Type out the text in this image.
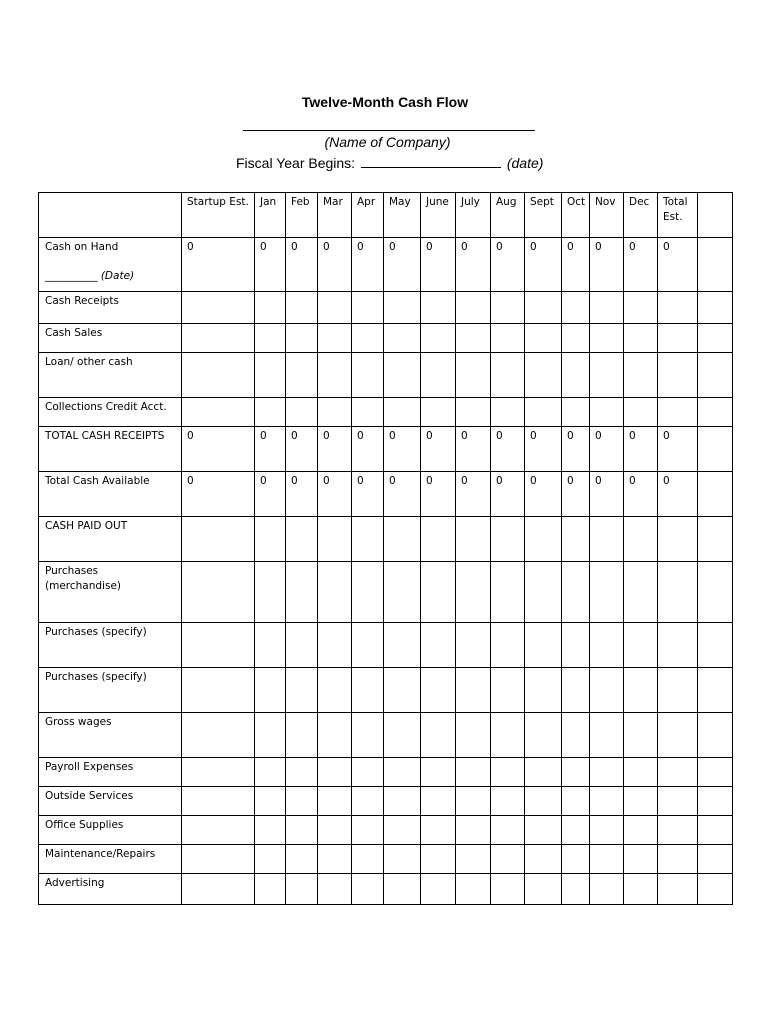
Twelve-Month Cash Flow
(Name of Company)
Fiscal Year Begins:	(date)
	Startup Est.	Jan	Feb	Mar	Apr	May	June	July	Aug	Sept	Oct	Nov	Dec	Total Est.	

Cash on Hand
__________ (Date)	0	0	0	0	0	0	0	0	0	0	0	0	0	0	

Cash Receipts															

Cash Sales															

Loan/ other cash															

Collections Credit Acct.															

TOTAL CASH RECEIPTS	0	0	0	0	0	0	0	0	0	0	0	0	0	0	

Total Cash Available	0	0	0	0	0	0	0	0	0	0	0	0	0	0	

CASH PAID OUT															

Purchases (merchandise)															

Purchases (specify)															

Purchases (specify)															

Gross wages															

Payroll Expenses															

Outside Services															

Office Supplies															

Maintenance/Repairs															

Advertising															
